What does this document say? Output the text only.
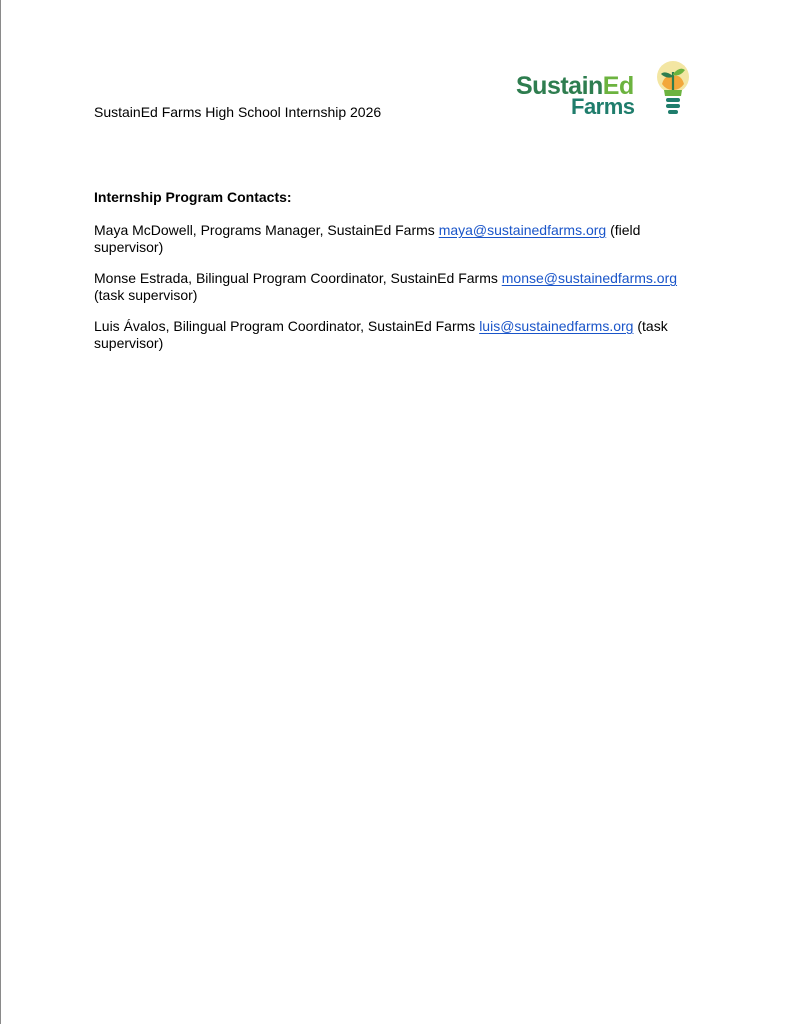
SustainEd Farms High School Internship 2026
SustainEd
Farms
Internship Program Contacts:
Maya McDowell, Programs Manager, SustainEd Farms maya@sustainedfarms.org (field supervisor)
Monse Estrada, Bilingual Program Coordinator, SustainEd Farms monse@sustainedfarms.org
(task supervisor)
Luis Ávalos, Bilingual Program Coordinator, SustainEd Farms luis@sustainedfarms.org (task supervisor)
